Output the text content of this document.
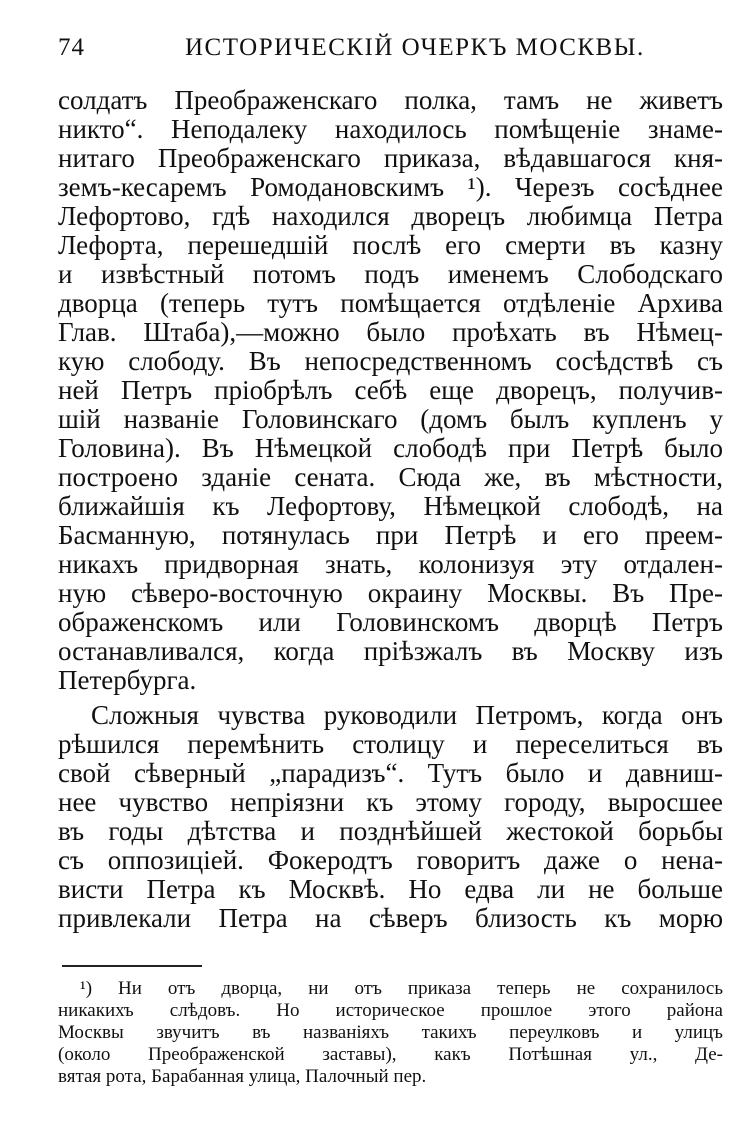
74	ИСТОРИЧЕСКІЙ ОЧЕРКЪ МОСКВЫ.
солдатъ Преображенскаго полка, тамъ не живетъ
никто“. Неподалеку находилось помѣщеніе знаме-
нитаго Преображенскаго приказа, вѣдавшагося кня-
земъ-кесаремъ Ромодановскимъ ¹). Черезъ сосѣднее
Лефортово, гдѣ находился дворецъ любимца Петра
Лефорта, перешедшій послѣ его смерти въ казну
и извѣстный потомъ подъ именемъ Слободскаго
дворца (теперь тутъ помѣщается отдѣленіе Архива
Глав. Штаба),—можно было проѣхать въ Нѣмец-
кую слободу. Въ непосредственномъ сосѣдствѣ съ
ней Петръ пріобрѣлъ себѣ еще дворецъ, получив-
шій названіе Головинскаго (домъ былъ купленъ у
Головина). Въ Нѣмецкой слободѣ при Петрѣ было
построено зданіе сената. Сюда же, въ мѣстности,
ближайшія къ Лефортову, Нѣмецкой слободѣ, на
Басманную, потянулась при Петрѣ и его преем-
никахъ придворная знать, колонизуя эту отдален-
ную сѣверо-восточную окраину Москвы. Въ Пре-
ображенскомъ или Головинскомъ дворцѣ Петръ
останавливался, когда пріѣзжалъ въ Москву изъ
Петербурга.
Сложныя чувства руководили Петромъ, когда онъ
рѣшился перемѣнить столицу и переселиться въ
свой сѣверный „парадизъ“. Тутъ было и давниш-
нее чувство непріязни къ этому городу, выросшее
въ годы дѣтства и позднѣйшей жестокой борьбы
съ оппозиціей. Фокеродтъ говоритъ даже о нена-
висти Петра къ Москвѣ. Но едва ли не больше
привлекали Петра на сѣверъ близость къ морю
¹) Ни отъ дворца, ни отъ приказа теперь не сохранилось
никакихъ слѣдовъ. Но историческое прошлое этого района
Москвы звучитъ въ названіяхъ такихъ переулковъ и улицъ
(около Преображенской заставы), какъ Потѣшная ул., Де-
вятая рота, Барабанная улица, Палочный пер.
